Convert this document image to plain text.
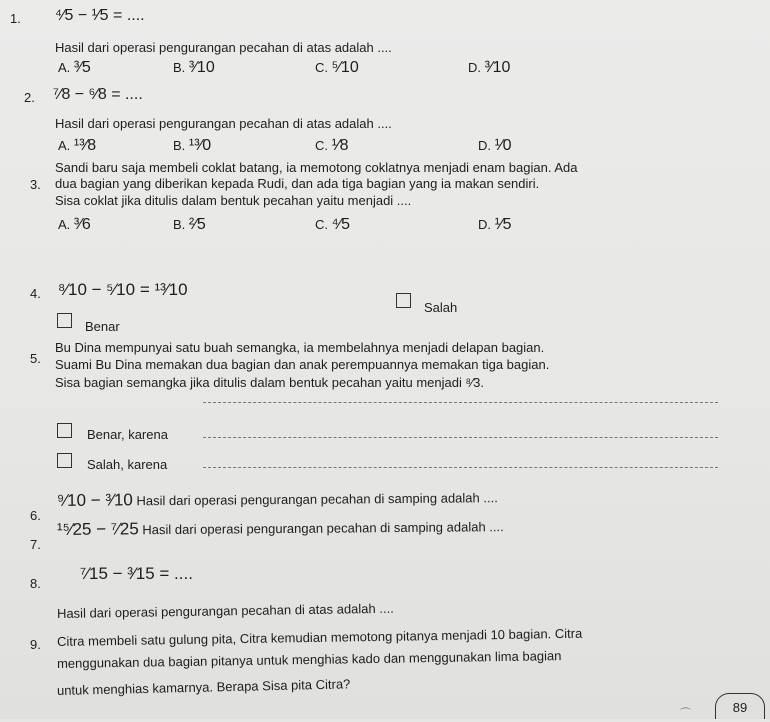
1. ⁴⁄5 − ¹⁄5 = ....
Hasil dari operasi pengurangan pecahan di atas adalah ....
A. ³⁄5	B. ³⁄10	C. ⁵⁄10	D. ³⁄10
2. ⁷⁄8 − ⁶⁄8 = ....
Hasil dari operasi pengurangan pecahan di atas adalah ....
A. ¹³⁄8	B. ¹³⁄0	C. ¹⁄8	D. ¹⁄0
3.
Sandi baru saja membeli coklat batang, ia memotong coklatnya menjadi enam bagian. Ada
dua bagian yang diberikan kepada Rudi, dan ada tiga bagian yang ia makan sendiri.
Sisa coklat jika ditulis dalam bentuk pecahan yaitu menjadi ....
A. ³⁄6	B. ²⁄5	C. ⁴⁄5	D. ¹⁄5
4. ⁸⁄10 − ⁵⁄10 = ¹³⁄10
Salah
Benar
5.
Bu Dina mempunyai satu buah semangka, ia membelahnya menjadi delapan bagian.
Suami Bu Dina memakan dua bagian dan anak perempuannya memakan tiga bagian.
Sisa bagian semangka jika ditulis dalam bentuk pecahan yaitu menjadi ⁸⁄3.
Benar, karena
Salah, karena
6.
⁹⁄10 − ³⁄10 Hasil dari operasi pengurangan pecahan di samping adalah ....
7.
¹⁵⁄25 − ⁷⁄25 Hasil dari operasi pengurangan pecahan di samping adalah ....
8.
⁷⁄15 − ³⁄15 = ....
Hasil dari operasi pengurangan pecahan di atas adalah ....
9. Citra membeli satu gulung pita, Citra kemudian memotong pitanya menjadi 10 bagian. Citra
menggunakan dua bagian pitanya untuk menghias kado dan menggunakan lima bagian
untuk menghias kamarnya. Berapa Sisa pita Citra?
⌒	89
